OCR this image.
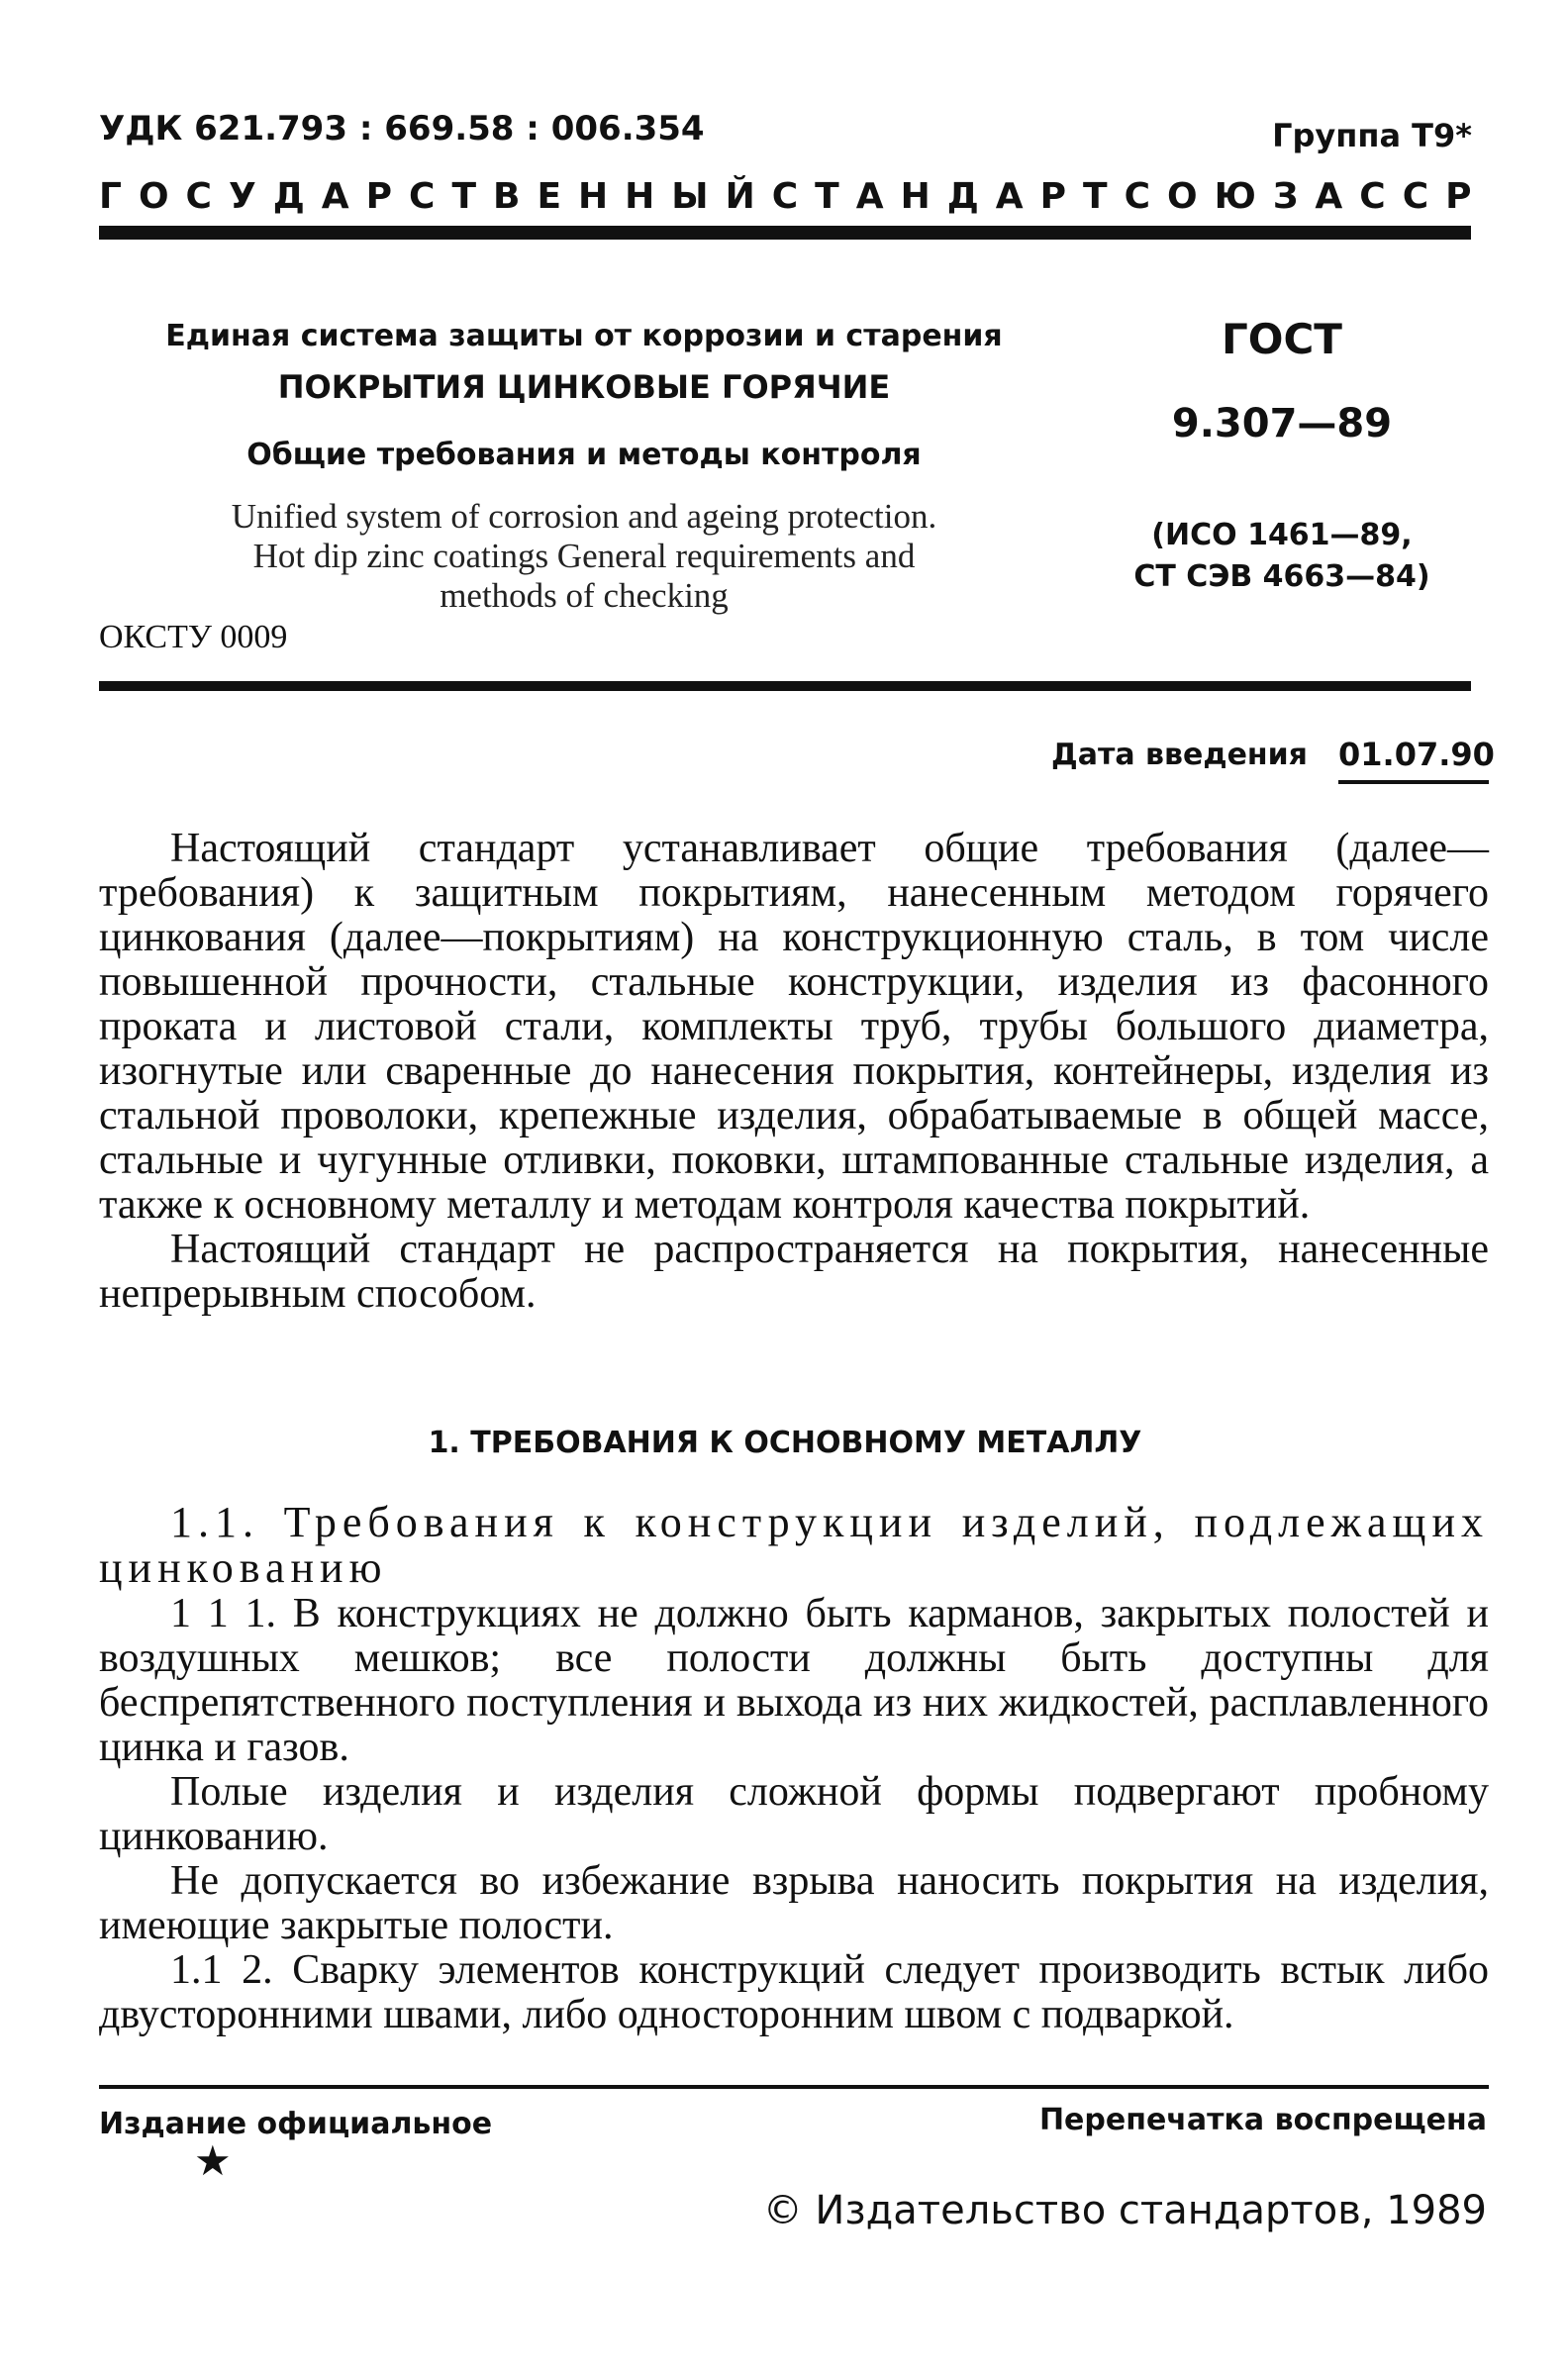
УДК 621.793 : 669.58 : 006.354	Группа Т9*
ГОСУДАРСТВЕННЫЙ СТАНДАРТ СОЮЗА ССР
Единая система защиты от коррозии и старения
ПОКРЫТИЯ ЦИНКОВЫЕ ГОРЯЧИЕ
Общие требования и методы контроля
Unified system of corrosion and ageing protection.
Hot dip zinc coatings General requirements and
methods of checking
ОКСТУ 0009
ГОСТ
9.307—89
(ИСО 1461—89,
СТ СЭВ 4663—84)
Дата введения 01.07.90

Настоящий стандарт устанавливает общие требования (далее—требования) к защитным покрытиям, нанесенным методом горячего цинкования (далее—покрытиям) на конструкционную сталь, в том числе повышенной прочности, стальные конструкции, изделия из фасонного проката и листовой стали, комплекты труб, трубы большого диаметра, изогнутые или сваренные до нанесения покрытия, контейнеры, изделия из стальной проволоки, крепежные изделия, обрабатываемые в общей массе, стальные и чугунные отливки, поковки, штампованные стальные изделия, а также к основному металлу и методам контроля качества покрытий.

Настоящий стандарт не распространяется на покрытия, нанесенные непрерывным способом.

1. ТРЕБОВАНИЯ К ОСНОВНОМУ МЕТАЛЛУ

1.1. Требования к конструкции изделий, подлежащих цинкованию

1 1 1. В конструкциях не должно быть карманов, закрытых полостей и воздушных мешков; все полости должны быть доступны для беспрепятственного поступления и выхода из них жидкостей, расплавленного цинка и газов.

Полые изделия и изделия сложной формы подвергают пробному цинкованию.

Не допускается во избежание взрыва наносить покрытия на изделия, имеющие закрытые полости.

1.1 2. Сварку элементов конструкций следует производить встык либо двусторонними швами, либо односторонним швом с подваркой.

Издание официальное
★
Перепечатка воспрещена
© Издательство стандартов, 1989
